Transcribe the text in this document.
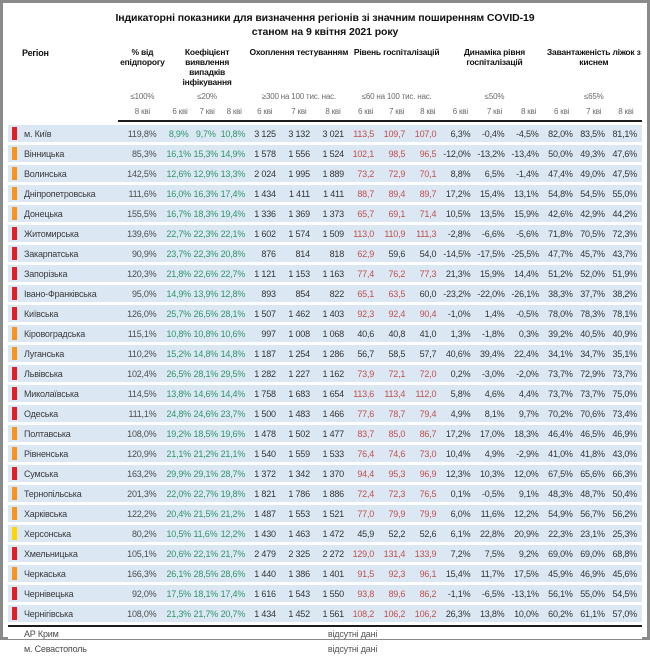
Індикаторні показники для визначення регіонів зі значним поширенням COVID-19
станом на 9 квітня 2021 року
Регіон	% від епідпорогу	Коефіцієнт виявлення випадків інфікування			Охоплення тестуванням			Рівень госпіталізацій			Динаміка рівня госпіталізацій			Завантаженість ліжок з киснем		
	≤100%	≤20%			≥300 на 100 тис. нас.			≤60 на 100 тис. нас.			≤50%			≤65%		
	8 кві	6 кві	7 кві	8 кві	6 кві	7 кві	8 кві	6 кві	7 кві	8 кві	6 кві	7 кві	8 кві	6 кві	7 кві	8 кві
м. Київ	119,8%	8,9%	9,7%	10,8%	3 125	3 132	3 021	113,5	109,7	107,0	6,3%	-0,4%	-4,5%	82,0%	83,5%	81,1%
Вінницька	85,3%	16,1%	15,3%	14,9%	1 578	1 556	1 524	102,1	98,5	96,5	-12,0%	-13,2%	-13,4%	50,0%	49,3%	47,6%
Волинська	142,5%	12,6%	12,9%	13,3%	2 024	1 995	1 889	73,2	72,9	70,1	8,8%	6,5%	-1,4%	47,4%	49,0%	47,5%
Дніпропетровська	111,6%	16,0%	16,3%	17,4%	1 434	1 411	1 411	88,7	89,4	89,7	17,2%	15,4%	13,1%	54,8%	54,5%	55,0%
Донецька	155,5%	16,7%	18,3%	19,4%	1 336	1 369	1 373	65,7	69,1	71,4	10,5%	13,5%	15,9%	42,6%	42,9%	44,2%
Житомирська	139,6%	22,7%	22,3%	22,1%	1 602	1 574	1 509	113,0	110,9	111,3	-2,8%	-6,6%	-5,6%	71,8%	70,5%	72,3%
Закарпатська	90,9%	23,7%	22,3%	20,8%	876	814	818	62,9	59,6	54,0	-14,5%	-17,5%	-25,5%	47,7%	45,7%	43,7%
Запорізька	120,3%	21,8%	22,6%	22,7%	1 121	1 153	1 163	77,4	76,2	77,3	21,3%	15,9%	14,4%	51,2%	52,0%	51,9%
Івано-Франківська	95,0%	14,9%	13,9%	12,8%	893	854	822	65,1	63,5	60,0	-23,2%	-22,0%	-26,1%	38,3%	37,7%	38,2%
Київська	126,0%	25,7%	26,5%	28,1%	1 507	1 462	1 403	92,3	92,4	90,4	-1,0%	1,4%	-0,5%	78,0%	78,3%	78,1%
Кіровоградська	115,1%	10,8%	10,8%	10,6%	997	1 008	1 068	40,6	40,8	41,0	1,3%	-1,8%	0,3%	39,2%	40,5%	40,9%
Луганська	110,2%	15,2%	14,8%	14,8%	1 187	1 254	1 286	56,7	58,5	57,7	40,6%	39,4%	22,4%	34,1%	34,7%	35,1%
Львівська	102,4%	26,5%	28,1%	29,5%	1 282	1 227	1 162	73,9	72,1	72,0	0,2%	-3,0%	-2,0%	73,7%	72,9%	73,7%
Миколаївська	114,5%	13,8%	14,6%	14,4%	1 758	1 683	1 654	113,6	113,4	112,0	5,8%	4,6%	4,4%	73,7%	73,7%	75,0%
Одеська	111,1%	24,8%	24,6%	23,7%	1 500	1 483	1 466	77,6	78,7	79,4	4,9%	8,1%	9,7%	70,2%	70,6%	73,4%
Полтавська	108,0%	19,2%	18,5%	19,6%	1 478	1 502	1 477	83,7	85,0	86,7	17,2%	17,0%	18,3%	46,4%	46,5%	46,9%
Рівненська	120,9%	21,1%	21,2%	21,1%	1 540	1 559	1 533	76,4	74,6	73,0	10,4%	4,9%	-2,9%	41,0%	41,8%	43,0%
Сумська	163,2%	29,9%	29,1%	28,7%	1 372	1 342	1 370	94,4	95,3	96,9	12,3%	10,3%	12,0%	67,5%	65,6%	66,3%
Тернопільська	201,3%	22,0%	22,7%	19,8%	1 821	1 786	1 886	72,4	72,3	76,5	0,1%	-0,5%	9,1%	48,3%	48,7%	50,4%
Харківська	122,2%	20,4%	21,5%	21,2%	1 487	1 553	1 521	77,0	79,9	79,9	6,0%	11,6%	12,2%	54,9%	56,7%	56,2%
Херсонська	80,2%	10,5%	11,6%	12,2%	1 430	1 463	1 472	45,9	52,2	52,6	6,1%	22,8%	20,9%	22,3%	23,1%	25,3%
Хмельницька	105,1%	20,6%	22,1%	21,7%	2 479	2 325	2 272	129,0	131,4	133,9	7,2%	7,5%	9,2%	69,0%	69,0%	68,8%
Черкаська	166,3%	26,1%	28,5%	28,6%	1 440	1 386	1 401	91,5	92,3	96,1	15,4%	11,7%	17,5%	45,9%	46,9%	45,6%
Чернівецька	92,0%	17,5%	18,1%	17,4%	1 616	1 543	1 550	93,8	89,6	86,2	-1,1%	-6,5%	-13,1%	56,1%	55,0%	54,5%
Чернігівська	108,0%	21,3%	21,7%	20,7%	1 434	1 452	1 561	108,2	106,2	106,2	26,3%	13,8%	10,0%	60,2%	61,1%	57,0%
АР Крим							відсутні дані									
м. Севастополь							відсутні дані									
